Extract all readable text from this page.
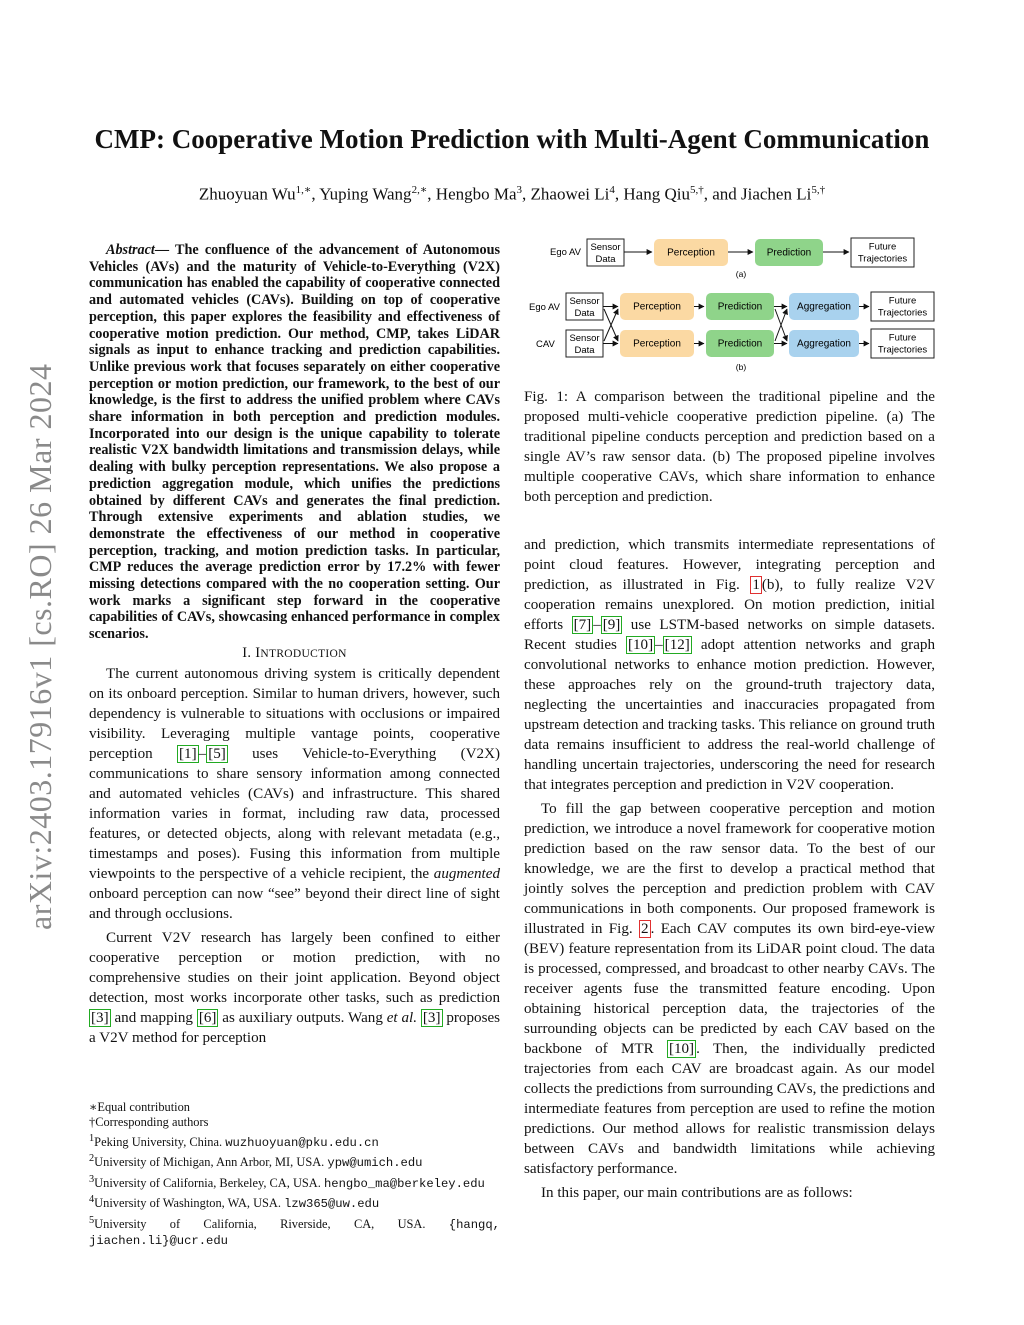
arXiv:2403.17916v1 [cs.RO] 26 Mar 2024
CMP: Cooperative Motion Prediction with Multi-Agent Communication

Zhuoyuan $Wu^{1,∗}$, Yuping Wang$^{2,∗}$, Hengbo Ma$^3$, Zhaowei Li$^4$, Hang Qiu$^{5,\dagger}$, and Jiachen $Li^{5,\dagger}$

Abstract— The confluence of the advancement of Autonomous Vehicles (AVs) and the maturity of Vehicle-to-Everything (V2X) communication has enabled the capability of cooperative connected and automated vehicles (CAVs). Building on top of cooperative perception, this paper explores the feasibility and effectiveness of cooperative motion prediction. Our method, CMP, takes LiDAR signals as input to enhance tracking and prediction capabilities. Unlike previous work that focuses separately on either cooperative perception or motion prediction, our framework, to the best of our knowledge, is the first to address the unified problem where CAVs share information in both perception and prediction modules. Incorporated into our design is the unique capability to tolerate realistic V2X bandwidth limitations and transmission delays, while dealing with bulky perception representations. We also propose a prediction aggregation module, which unifies the predictions obtained by different CAVs and generates the final prediction. Through extensive experiments and ablation studies, we demonstrate the effectiveness of our method in cooperative perception, tracking, and motion prediction tasks. In particular, CMP reduces the average prediction error by 17.2% with fewer missing detections compared with the no cooperation setting. Our work marks a significant step forward in the cooperative capabilities of CAVs, showcasing enhanced performance in complex scenarios.

I. INTRODUCTION

The current autonomous driving system is critically dependent on its onboard perception. Similar to human drivers, however, such dependency is vulnerable to situations with occlusions or impaired visibility. Leveraging multiple vantage points, cooperative perception [1] – [5] uses Vehicle-to-Everything (V2X) communications to share sensory information among connected and automated vehicles (CAVs) and infrastructure. This shared information varies in format, including raw data, processed features, or detected objects, along with relevant metadata (e.g., timestamps and poses). Fusing this information from multiple viewpoints to the perspective of a vehicle recipient, the augmented onboard perception can now “see” beyond their direct line of sight and through occlusions.

Current V2V research has largely been confined to either cooperative perception or motion prediction, with no comprehensive studies on their joint application. Beyond object detection, most works incorporate other tasks, such as prediction [3] and mapping [6] as auxiliary outputs. Wang et al. [3] proposes a V2V method for perception

∗Equal contribution

†Corresponding authors

$^1$Peking University, China. wuzhuoyuan@pku.edu.cn

$^2$University of Michigan, Ann Arbor, MI, USA. ypw@umich.edu

$^3$University of California, Berkeley, CA, USA. hengbo_ma@berkeley.edu

$^4$University of Washington, WA, USA. lzw365@uw.edu

$^5$University of California, Riverside, CA, USA. {hangq, jiachen.li}@ucr.edu

Ego AV Sensor
Data
Perception	Prediction
Future
Trajectories
(a)
Ego AV
Sensor
Data
Perception	Prediction	Aggregation
Future
Trajectories
CAV
Sensor
Data
Perception	Prediction	Aggregation
Future
Trajectories
(b)

Fig. 1: A comparison between the traditional pipeline and the proposed multi-vehicle cooperative prediction pipeline. (a) The traditional pipeline conducts perception and prediction based on a single AV’s raw sensor data. (b) The proposed pipeline involves multiple cooperative CAVs, which share information to enhance both perception and prediction.

and prediction, which transmits intermediate representations of point cloud features. However, integrating perception and prediction, as illustrated in Fig. 1 (b), to fully realize V2V cooperation remains unexplored. On motion prediction, initial efforts [7] – [9] use LSTM-based networks on simple datasets. Recent studies [10] – [12] adopt attention networks and graph convolutional networks to enhance motion prediction. However, these approaches rely on the ground-truth trajectory data, neglecting the uncertainties and inaccuracies propagated from upstream detection and tracking tasks. This reliance on ground truth data remains insufficient to address the real-world challenge of handling uncertain trajectories, underscoring the need for research that integrates perception and prediction in V2V cooperation.

To fill the gap between cooperative perception and motion prediction, we introduce a novel framework for cooperative motion prediction based on the raw sensor data. To the best of our knowledge, we are the first to develop a practical method that jointly solves the perception and prediction problem with CAV communications in both components. Our proposed framework is illustrated in Fig. 2 . Each CAV computes its own bird-eye-view (BEV) feature representation from its LiDAR point cloud. The data is processed, compressed, and broadcast to other nearby CAVs. The receiver agents fuse the transmitted feature encoding. Upon obtaining historical perception data, the trajectories of the surrounding objects can be predicted by each CAV based on the backbone of MTR [10] . Then, the individually predicted trajectories from each CAV are broadcast again. As our model collects the predictions from surrounding CAVs, the predictions and intermediate features from perception are used to refine the motion predictions. Our method allows for realistic transmission delays between CAVs and bandwidth limitations while achieving satisfactory performance.

In this paper, our main contributions are as follows:
